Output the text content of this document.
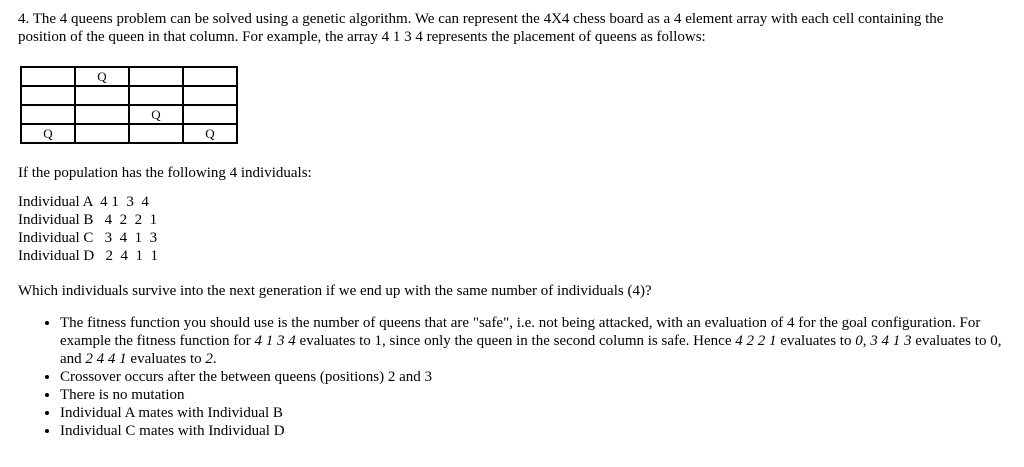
4. The 4 queens problem can be solved using a genetic algorithm. We can represent the 4X4 chess board as a 4 element array with each cell containing the
position of the queen in that column. For example, the array 4 1 3 4 represents the placement of queens as follows:

	Q		

		Q	
Q			Q

If the population has the following 4 individuals:

Individual A  4 1  3  4
Individual B   4  2  2  1
Individual C   3  4  1  3
Individual D   2  4  1  1

Which individuals survive into the next generation if we end up with the same number of individuals (4)?

• The fitness function you should use is the number of queens that are "safe", i.e. not being attacked, with an evaluation of 4 for the goal configuration. For example the fitness function for 4 1 3 4 evaluates to 1, since only the queen in the second column is safe. Hence 4 2 2 1 evaluates to 0, 3 4 1 3 evaluates to 0, and 2 4 4 1 evaluates to 2.
• Crossover occurs after the between queens (positions) 2 and 3
• There is no mutation
• Individual A mates with Individual B
• Individual C mates with Individual D
